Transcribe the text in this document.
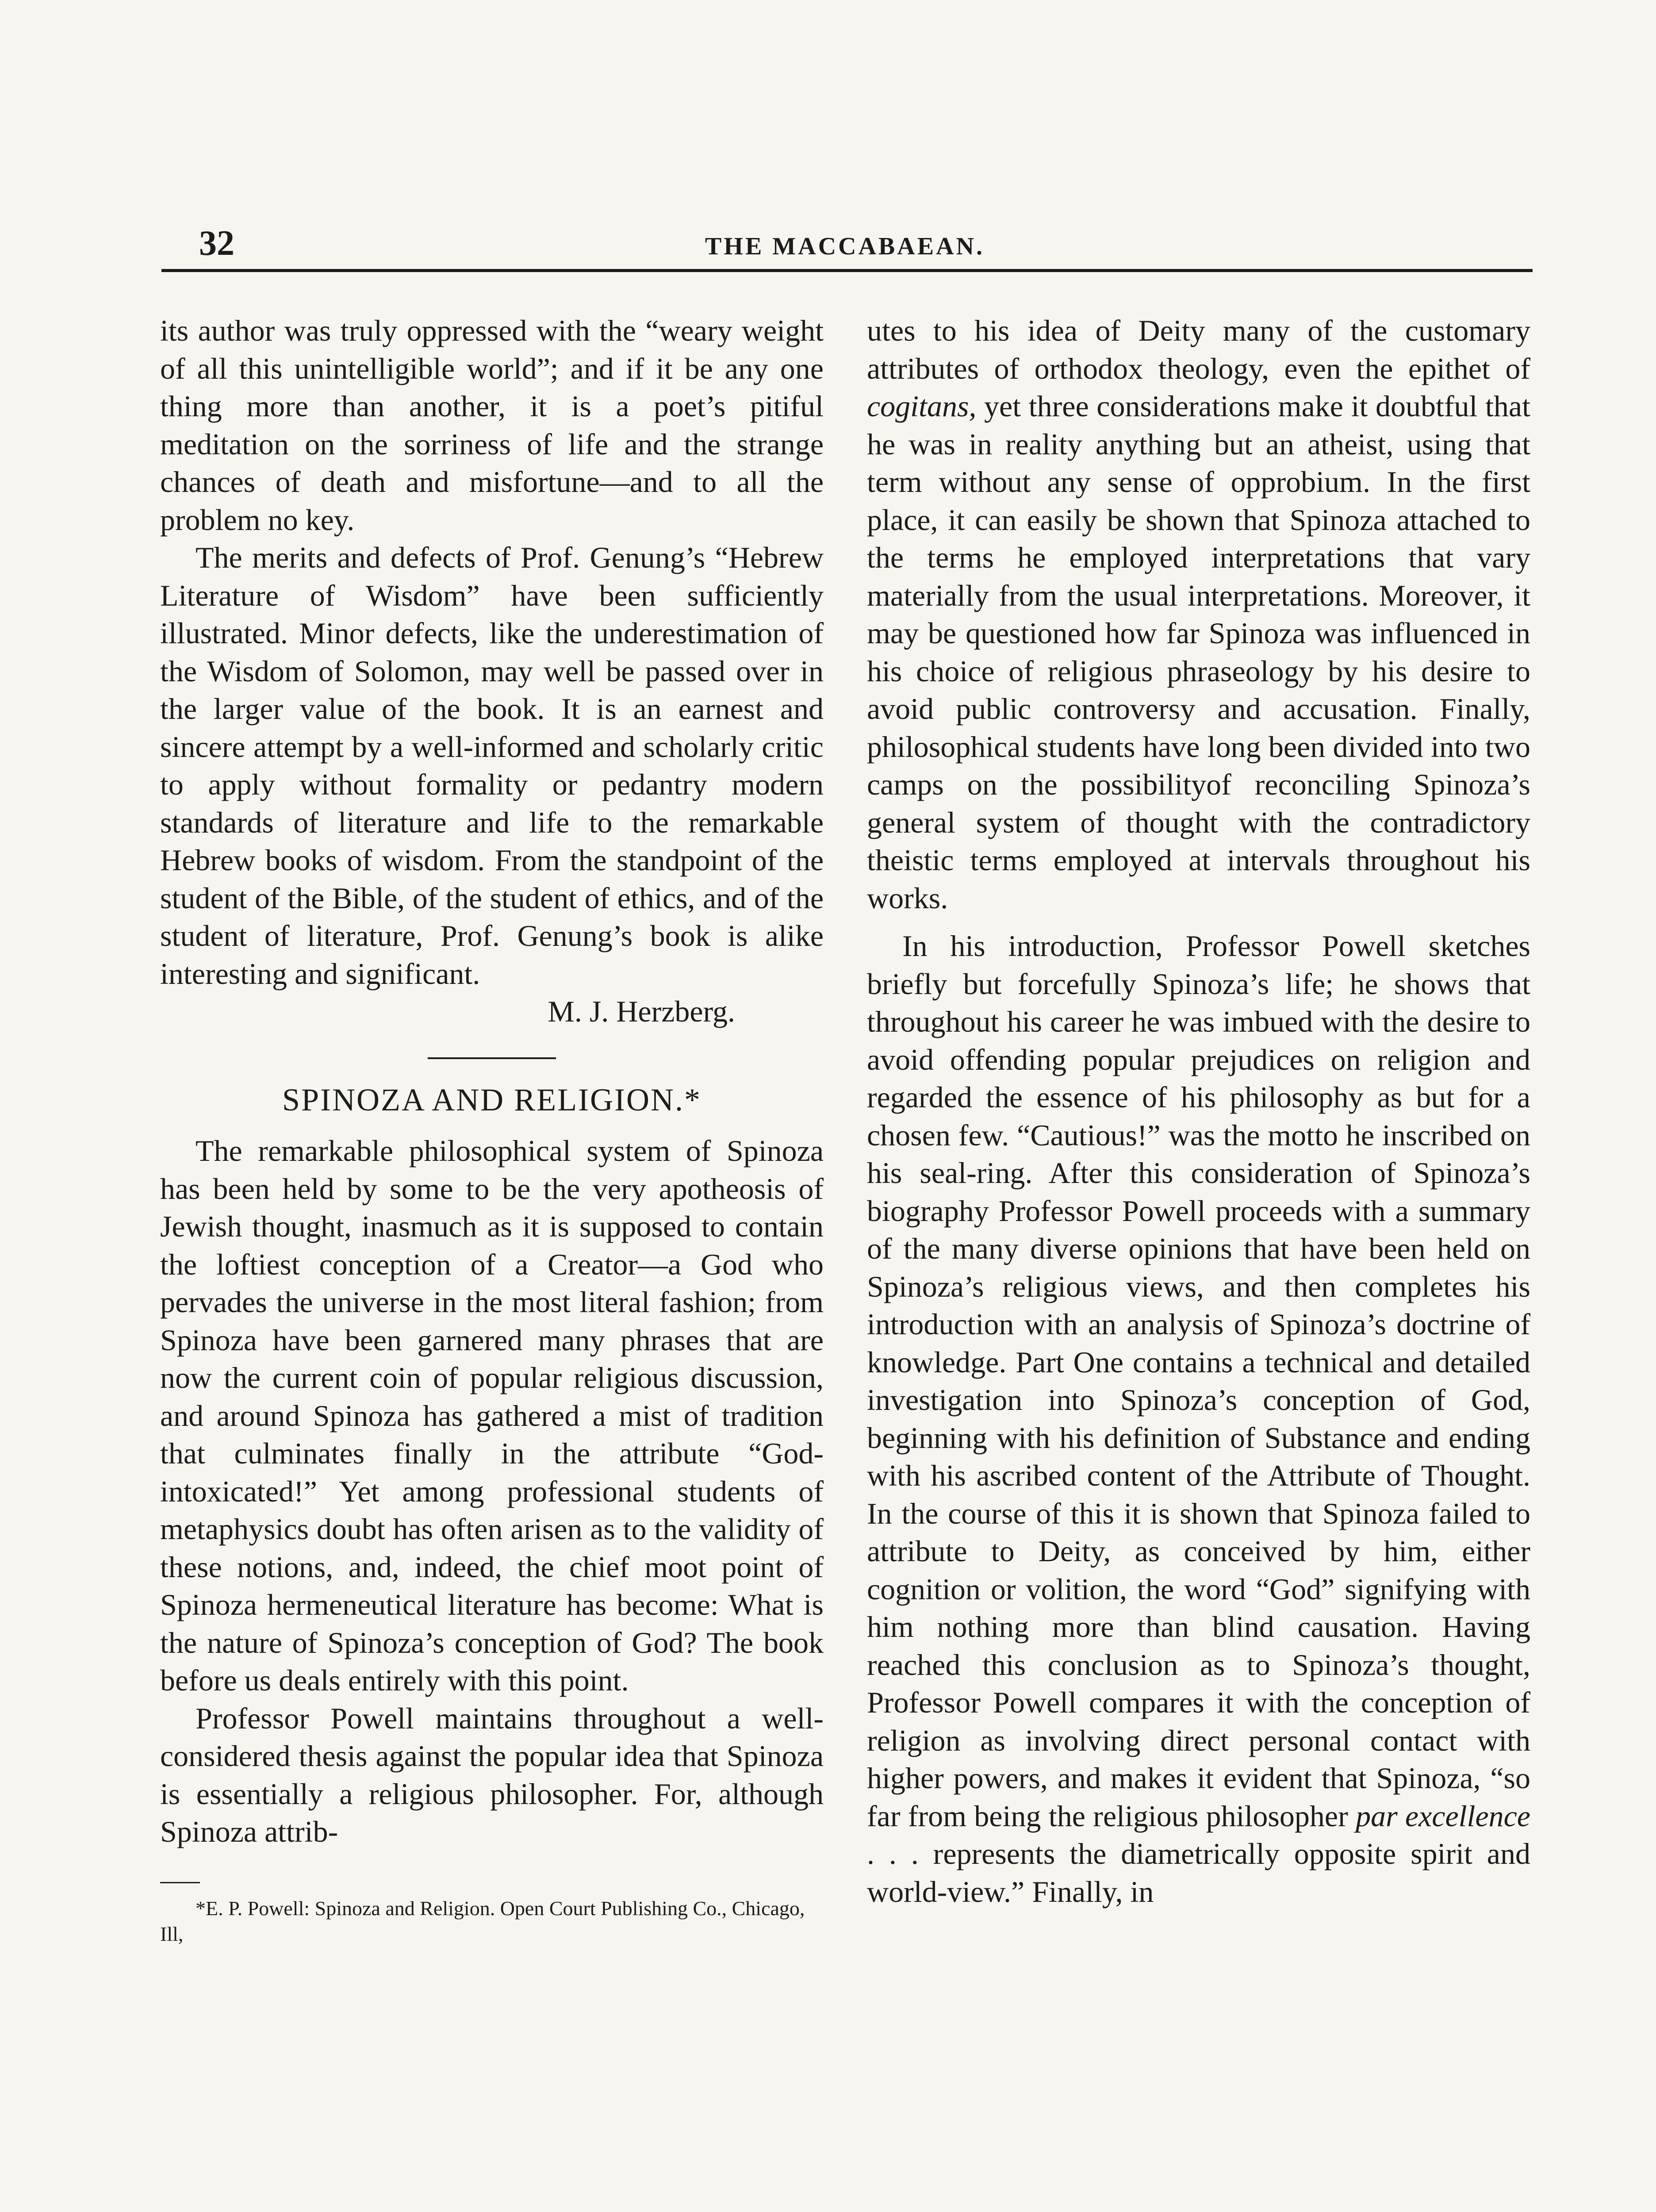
32	THE MACCABAEAN.

its author was truly oppressed with the “weary weight of all this unintelligible world”; and if it be any one thing more than another, it is a poet’s pitiful meditation on the sorriness of life and the strange chances of death and misfortune—and to all the problem no key.

The merits and defects of Prof. Genung’s “Hebrew Literature of Wisdom” have been sufficiently illustrated. Minor defects, like the underestimation of the Wisdom of Solomon, may well be passed over in the larger value of the book. It is an earnest and sincere attempt by a well-informed and scholarly critic to apply without formality or pedantry modern standards of literature and life to the remarkable Hebrew books of wisdom. From the standpoint of the student of the Bible, of the student of ethics, and of the student of literature, Prof. Genung’s book is alike interesting and significant.

M. J. Herzberg.

SPINOZA AND RELIGION.*

The remarkable philosophical system of Spinoza has been held by some to be the very apotheosis of Jewish thought, inasmuch as it is supposed to contain the loftiest conception of a Creator—a God who pervades the universe in the most literal fashion; from Spinoza have been garnered many phrases that are now the current coin of popular religious discussion, and around Spinoza has gathered a mist of tradition that culminates finally in the attribute “God-intoxicated!” Yet among professional students of metaphysics doubt has often arisen as to the validity of these notions, and, indeed, the chief moot point of Spinoza hermeneutical literature has become: What is the nature of Spinoza’s conception of God? The book before us deals entirely with this point.

Professor Powell maintains throughout a well-considered thesis against the popular idea that Spinoza is essentially a religious philosopher. For, although Spinoza attrib-

*E. P. Powell: Spinoza and Religion. Open Court Publishing Co., Chicago, Ill,

utes to his idea of Deity many of the customary attributes of orthodox theology, even the epithet of cogitans, yet three considerations make it doubtful that he was in reality anything but an atheist, using that term without any sense of opprobium. In the first place, it can easily be shown that Spinoza attached to the terms he employed interpretations that vary materially from the usual interpretations. Moreover, it may be questioned how far Spinoza was influenced in his choice of religious phraseology by his desire to avoid public controversy and accusation. Finally, philosophical students have long been divided into two camps on the possibilityof reconciling Spinoza’s general system of thought with the contradictory theistic terms employed at intervals throughout his works.

In his introduction, Professor Powell sketches briefly but forcefully Spinoza’s life; he shows that throughout his career he was imbued with the desire to avoid offending popular prejudices on religion and regarded the essence of his philosophy as but for a chosen few. “Cautious!” was the motto he inscribed on his seal-ring. After this consideration of Spinoza’s biography Professor Powell proceeds with a summary of the many diverse opinions that have been held on Spinoza’s religious views, and then completes his introduction with an analysis of Spinoza’s doctrine of knowledge. Part One contains a technical and detailed investigation into Spinoza’s conception of God, beginning with his definition of Substance and ending with his ascribed content of the Attribute of Thought. In the course of this it is shown that Spinoza failed to attribute to Deity, as conceived by him, either cognition or volition, the word “God” signifying with him nothing more than blind causation. Having reached this conclusion as to Spinoza’s thought, Professor Powell compares it with the conception of religion as involving direct personal contact with higher powers, and makes it evident that Spinoza, “so far from being the religious philosopher par excellence . . . represents the diametrically opposite spirit and world-view.” Finally, in
